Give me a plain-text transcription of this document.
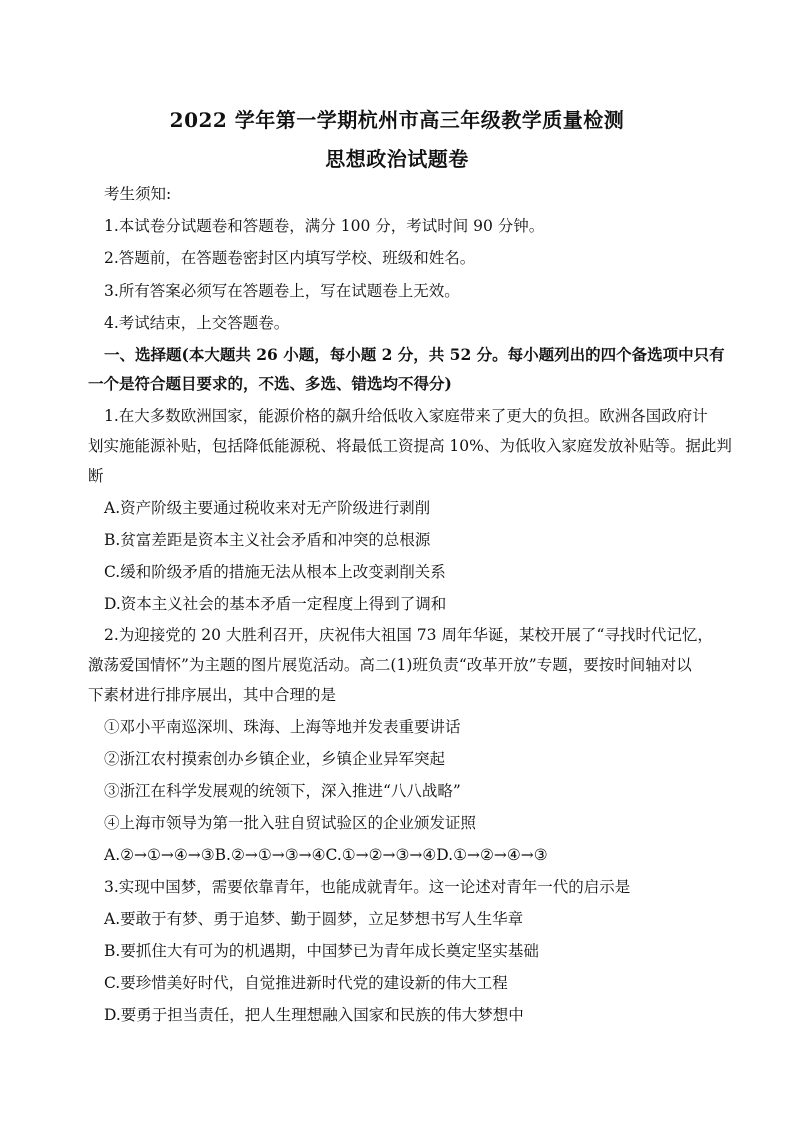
2022 学年第一学期杭州市高三年级教学质量检测
思想政治试题卷
考生须知:
1.本试卷分试题卷和答题卷，满分 100 分，考试时间 90 分钟。
2.答题前，在答题卷密封区内填写学校、班级和姓名。
3.所有答案必须写在答题卷上，写在试题卷上无效。
4.考试结束，上交答题卷。
一、选择题(本大题共 26 小题，每小题 2 分，共 52 分。每小题列出的四个备选项中只有
一个是符合题目要求的，不选、多选、错选均不得分)
1.在大多数欧洲国家，能源价格的飙升给低收入家庭带来了更大的负担。欧洲各国政府计
划实施能源补贴，包括降低能源税、将最低工资提高 10%、为低收入家庭发放补贴等。据此判
断
A.资产阶级主要通过税收来对无产阶级进行剥削
B.贫富差距是资本主义社会矛盾和冲突的总根源
C.缓和阶级矛盾的措施无法从根本上改变剥削关系
D.资本主义社会的基本矛盾一定程度上得到了调和
2.为迎接党的 20 大胜利召开，庆祝伟大祖国 73 周年华诞，某校开展了“寻找时代记忆，
激荡爱国情怀”为主题的图片展览活动。高二(1)班负责“改革开放”专题，要按时间轴对以
下素材进行排序展出，其中合理的是
①邓小平南巡深圳、珠海、上海等地并发表重要讲话
②浙江农村摸索创办乡镇企业，乡镇企业异军突起
③浙江在科学发展观的统领下，深入推进“八八战略”
④上海市领导为第一批入驻自贸试验区的企业颁发证照
A.②→①→④→③B.②→①→③→④C.①→②→③→④D.①→②→④→③
3.实现中国梦，需要依靠青年，也能成就青年。这一论述对青年一代的启示是
A.要敢于有梦、勇于追梦、勤于圆梦，立足梦想书写人生华章
B.要抓住大有可为的机遇期，中国梦已为青年成长奠定坚实基础
C.要珍惜美好时代，自觉推进新时代党的建设新的伟大工程
D.要勇于担当责任，把人生理想融入国家和民族的伟大梦想中
